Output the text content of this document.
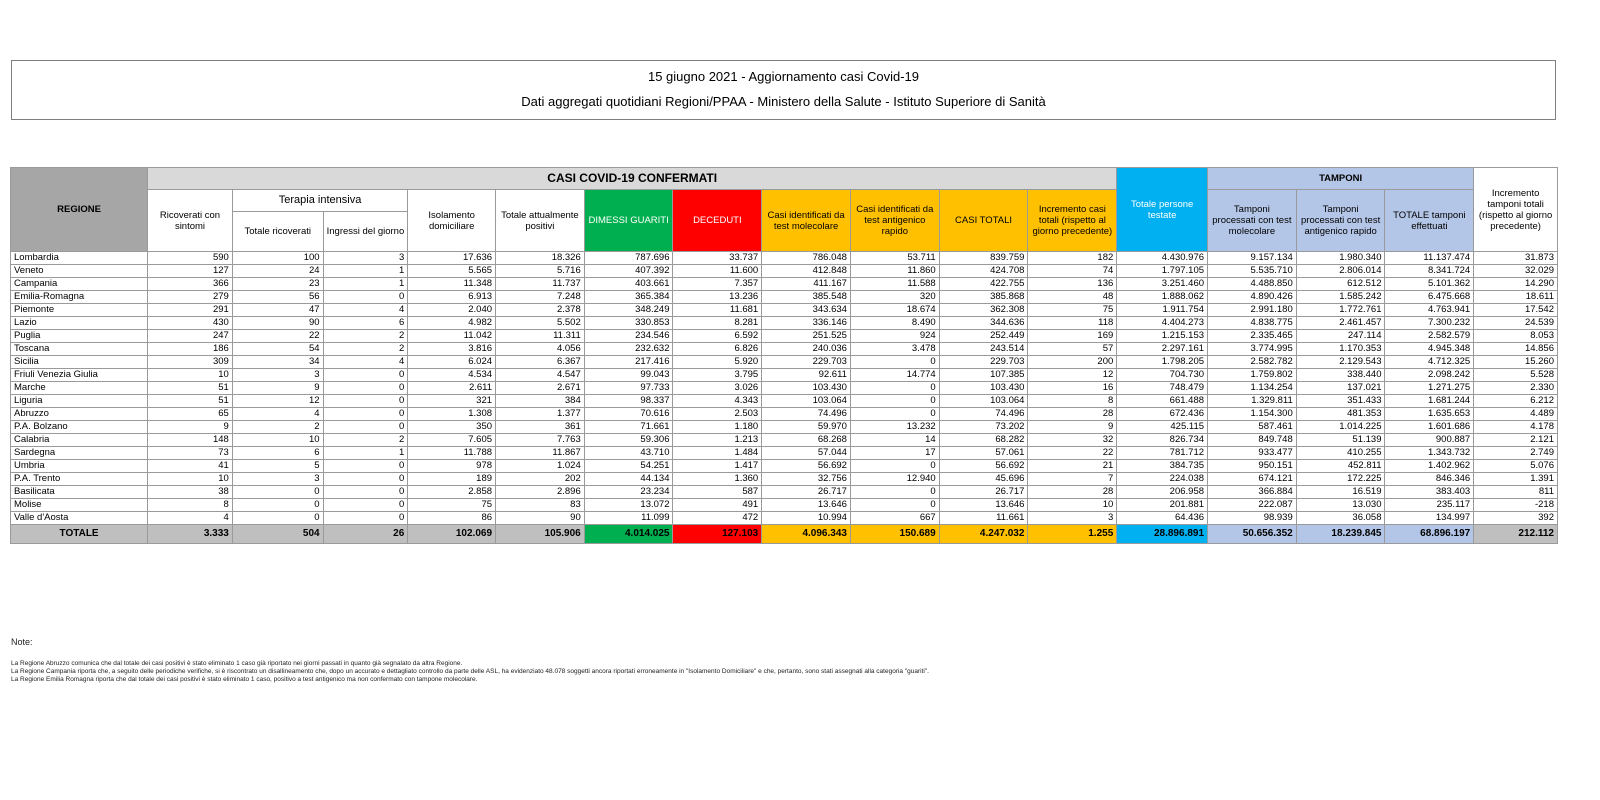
15 giugno 2021 - Aggiornamento casi Covid-19
Dati aggregati quotidiani Regioni/PPAA - Ministero della Salute - Istituto Superiore di Sanità
REGIONE	CASI COVID-19 CONFERMATI											Totale persone testate	TAMPONI			Incremento tamponi totali (rispetto al giorno precedente)
	Ricoverati con sintomi	Terapia intensiva		Isolamento domiciliare	Totale attualmente positivi	DIMESSI GUARITI	DECEDUTI	Casi identificati da test molecolare	Casi identificati da test antigenico rapido	CASI TOTALI	Incremento casi totali (rispetto al giorno precedente)		Tamponi processati con test molecolare	Tamponi processati con test antigenico rapido	TOTALE tamponi effettuati	
		Totale ricoverati	Ingressi del giorno													
Lombardia	590	100	3	17.636	18.326	787.696	33.737	786.048	53.711	839.759	182	4.430.976	9.157.134	1.980.340	11.137.474	31.873
Veneto	127	24	1	5.565	5.716	407.392	11.600	412.848	11.860	424.708	74	1.797.105	5.535.710	2.806.014	8.341.724	32.029
Campania	366	23	1	11.348	11.737	403.661	7.357	411.167	11.588	422.755	136	3.251.460	4.488.850	612.512	5.101.362	14.290
Emilia-Romagna	279	56	0	6.913	7.248	365.384	13.236	385.548	320	385.868	48	1.888.062	4.890.426	1.585.242	6.475.668	18.611
Piemonte	291	47	4	2.040	2.378	348.249	11.681	343.634	18.674	362.308	75	1.911.754	2.991.180	1.772.761	4.763.941	17.542
Lazio	430	90	6	4.982	5.502	330.853	8.281	336.146	8.490	344.636	118	4.404.273	4.838.775	2.461.457	7.300.232	24.539
Puglia	247	22	2	11.042	11.311	234.546	6.592	251.525	924	252.449	169	1.215.153	2.335.465	247.114	2.582.579	8.053
Toscana	186	54	2	3.816	4.056	232.632	6.826	240.036	3.478	243.514	57	2.297.161	3.774.995	1.170.353	4.945.348	14.856
Sicilia	309	34	4	6.024	6.367	217.416	5.920	229.703	0	229.703	200	1.798.205	2.582.782	2.129.543	4.712.325	15.260
Friuli Venezia Giulia	10	3	0	4.534	4.547	99.043	3.795	92.611	14.774	107.385	12	704.730	1.759.802	338.440	2.098.242	5.528
Marche	51	9	0	2.611	2.671	97.733	3.026	103.430	0	103.430	16	748.479	1.134.254	137.021	1.271.275	2.330
Liguria	51	12	0	321	384	98.337	4.343	103.064	0	103.064	8	661.488	1.329.811	351.433	1.681.244	6.212
Abruzzo	65	4	0	1.308	1.377	70.616	2.503	74.496	0	74.496	28	672.436	1.154.300	481.353	1.635.653	4.489
P.A. Bolzano	9	2	0	350	361	71.661	1.180	59.970	13.232	73.202	9	425.115	587.461	1.014.225	1.601.686	4.178
Calabria	148	10	2	7.605	7.763	59.306	1.213	68.268	14	68.282	32	826.734	849.748	51.139	900.887	2.121
Sardegna	73	6	1	11.788	11.867	43.710	1.484	57.044	17	57.061	22	781.712	933.477	410.255	1.343.732	2.749
Umbria	41	5	0	978	1.024	54.251	1.417	56.692	0	56.692	21	384.735	950.151	452.811	1.402.962	5.076
P.A. Trento	10	3	0	189	202	44.134	1.360	32.756	12.940	45.696	7	224.038	674.121	172.225	846.346	1.391
Basilicata	38	0	0	2.858	2.896	23.234	587	26.717	0	26.717	28	206.958	366.884	16.519	383.403	811
Molise	8	0	0	75	83	13.072	491	13.646	0	13.646	10	201.881	222.087	13.030	235.117	-218
Valle d'Aosta	4	0	0	86	90	11.099	472	10.994	667	11.661	3	64.436	98.939	36.058	134.997	392
TOTALE	3.333	504	26	102.069	105.906	4.014.025	127.103	4.096.343	150.689	4.247.032	1.255	28.896.891	50.656.352	18.239.845	68.896.197	212.112
Note:
La Regione Abruzzo comunica che dal totale dei casi positivi è stato eliminato 1 caso già riportato nei giorni passati in quanto già segnalato da altra Regione.
La Regione Campania riporta che, a seguito delle periodiche verifiche, si è riscontrato un disallineamento che, dopo un accurato e dettagliato controllo da parte delle ASL, ha evidenziato 48.078 soggetti ancora riportati erroneamente in "Isolamento Domiciliare" e che, pertanto, sono stati assegnati alla categoria "guariti".
La Regione Emilia Romagna riporta che dal totale dei casi positivi è stato eliminato 1 caso, positivo a test antigenico ma non confermato con tampone molecolare.
